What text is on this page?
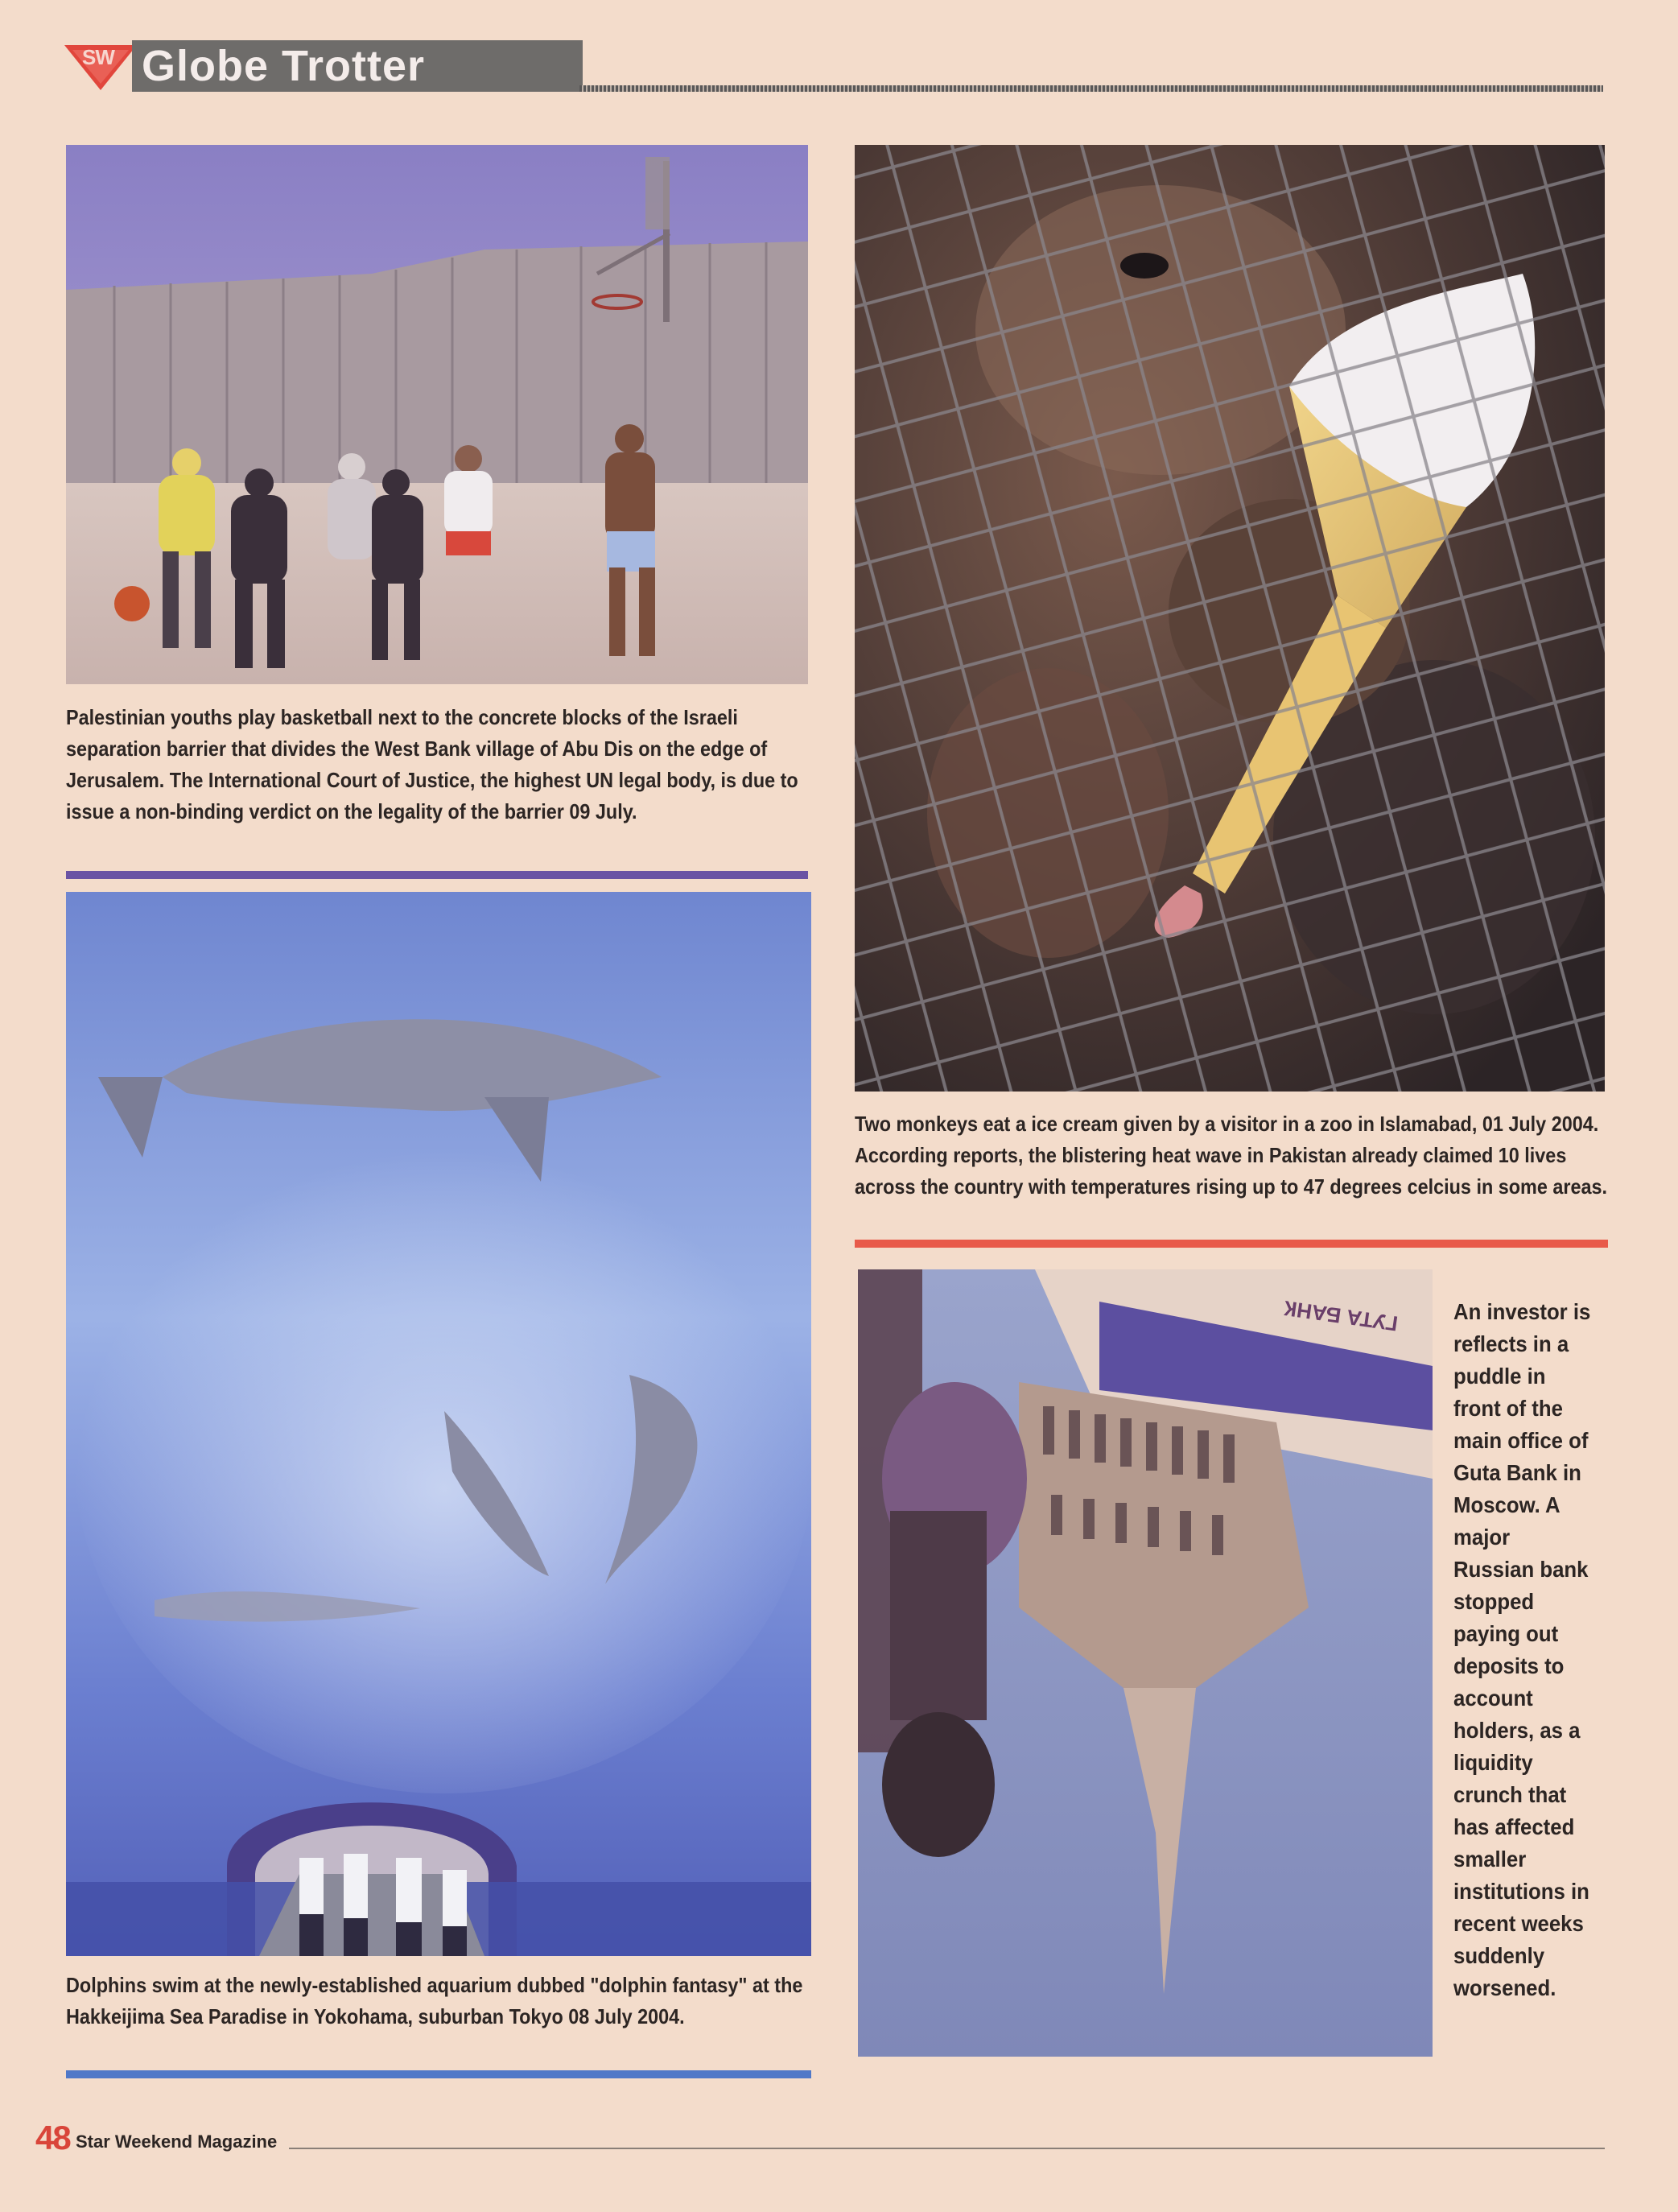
SW Globe Trotter

Palestinian youths play basketball next to the concrete blocks of the Israeli separation barrier that divides the West Bank village of Abu Dis on the edge of Jerusalem. The International Court of Justice, the highest UN legal body, is due to issue a non-binding verdict on the legality of the barrier 09 July.

Dolphins swim at the newly-established aquarium dubbed "dolphin fantasy" at the Hakkeijima Sea Paradise in Yokohama, suburban Tokyo 08 July 2004.

Two monkeys eat a ice cream given by a visitor in a zoo in Islamabad, 01 July 2004. According reports, the blistering heat wave in Pakistan already claimed 10 lives across the country with temperatures rising up to 47 degrees celcius in some areas.

ГУТА БАНК An investor is reflects in a puddle in front of the main office of Guta Bank in Moscow. A major Russian bank stopped paying out deposits to account holders, as a liquidity crunch that has affected smaller institutions in recent weeks suddenly worsened.

48 Star Weekend Magazine
